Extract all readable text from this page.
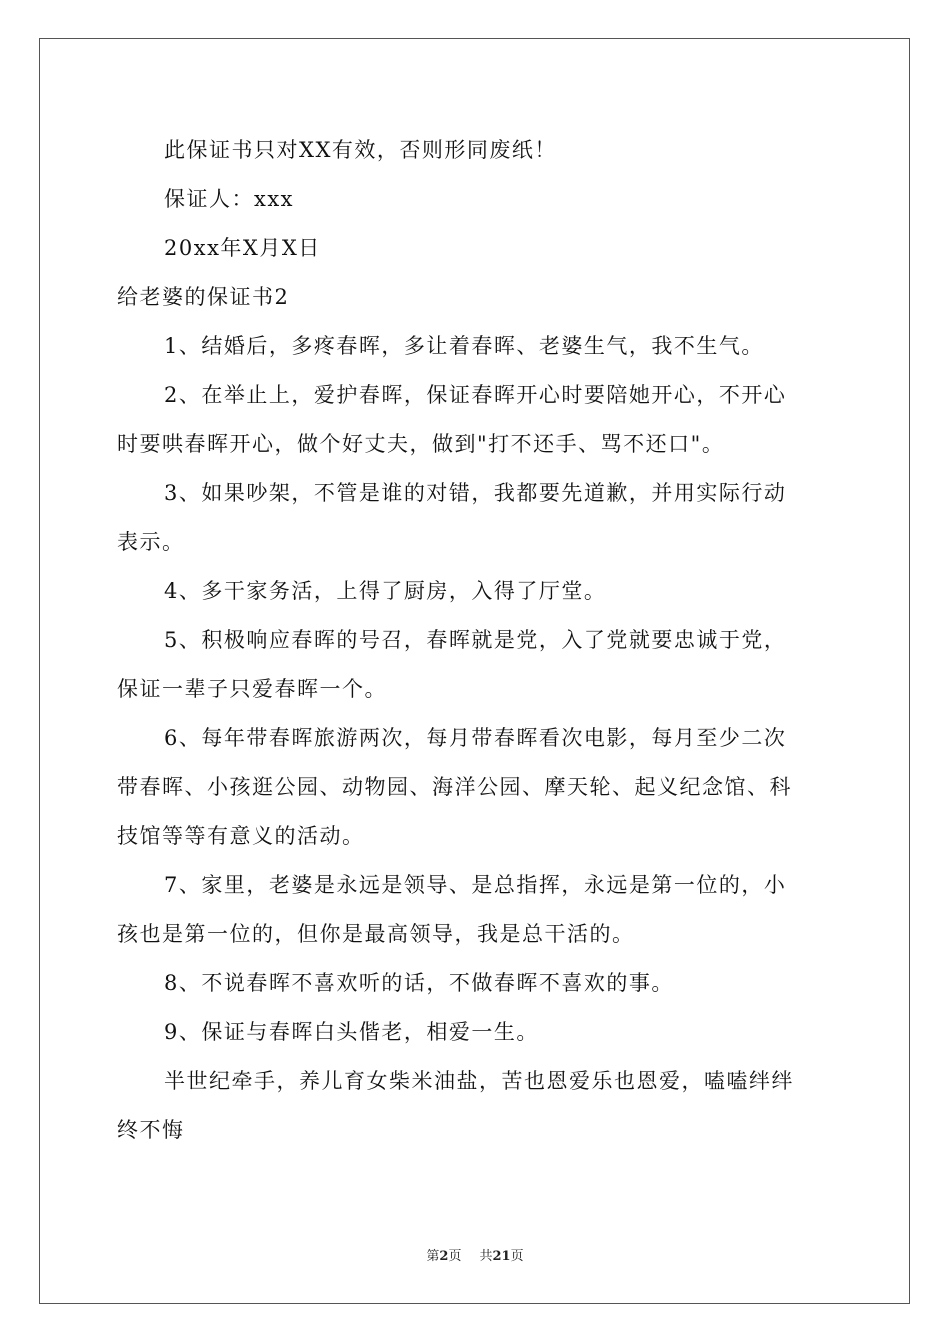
此保证书只对XX有效，否则形同废纸！

保证人：xxx

20xx年X月X日

给老婆的保证书2

1、结婚后，多疼春晖，多让着春晖、老婆生气，我不生气。

2、在举止上，爱护春晖，保证春晖开心时要陪她开心，不开心

时要哄春晖开心，做个好丈夫，做到"打不还手、骂不还口"。

3、如果吵架，不管是谁的对错，我都要先道歉，并用实际行动

表示。

4、多干家务活，上得了厨房，入得了厅堂。

5、积极响应春晖的号召，春晖就是党，入了党就要忠诚于党，

保证一辈子只爱春晖一个。

6、每年带春晖旅游两次，每月带春晖看次电影，每月至少二次

带春晖、小孩逛公园、动物园、海洋公园、摩天轮、起义纪念馆、科

技馆等等有意义的活动。

7、家里，老婆是永远是领导、是总指挥，永远是第一位的，小

孩也是第一位的，但你是最高领导，我是总干活的。

8、不说春晖不喜欢听的话，不做春晖不喜欢的事。

9、保证与春晖白头偕老，相爱一生。

半世纪牵手，养儿育女柴米油盐，苦也恩爱乐也恩爱，嗑嗑绊绊

终不悔

第2页 共21页
